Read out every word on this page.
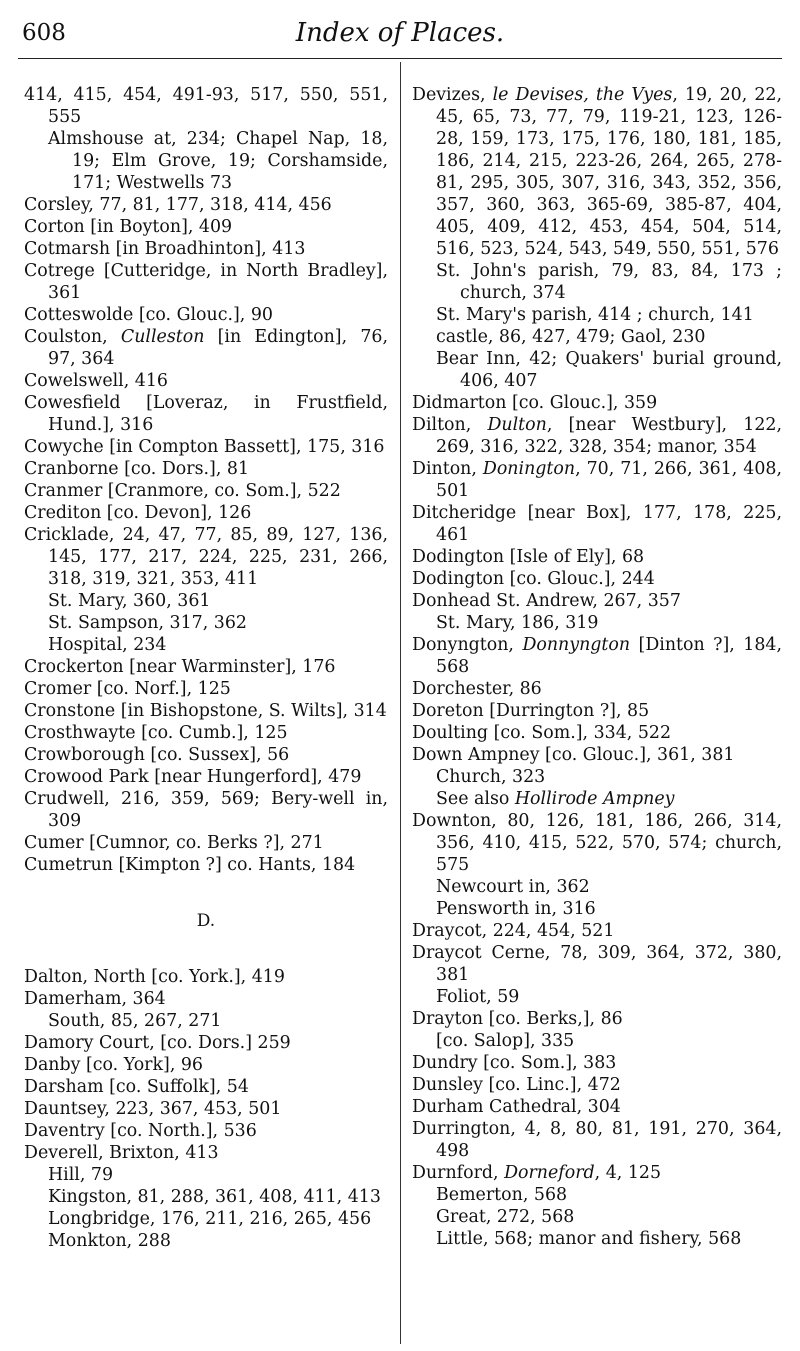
608	Index of Places.

414, 415, 454, 491-93, 517, 550, 551, 555

Almshouse at, 234; Chapel Nap, 18, 19; Elm Grove, 19; Corshamside, 171; Westwells 73

Corsley, 77, 81, 177, 318, 414, 456

Corton [in Boyton], 409

Cotmarsh [in Broadhinton], 413

Cotrege [Cutteridge, in North Bradley], 361

Cotteswolde [co. Glouc.], 90

Coulston, Culleston [in Edington], 76, 97, 364

Cowelswell, 416

Cowesfield [Loveraz, in Frustfield, Hund.], 316

Cowyche [in Compton Bassett], 175, 316

Cranborne [co. Dors.], 81

Cranmer [Cranmore, co. Som.], 522

Crediton [co. Devon], 126

Cricklade, 24, 47, 77, 85, 89, 127, 136, 145, 177, 217, 224, 225, 231, 266, 318, 319, 321, 353, 411

St. Mary, 360, 361

St. Sampson, 317, 362

Hospital, 234

Crockerton [near Warminster], 176

Cromer [co. Norf.], 125

Cronstone [in Bishopstone, S. Wilts], 314

Crosthwayte [co. Cumb.], 125

Crowborough [co. Sussex], 56

Crowood Park [near Hungerford], 479

Crudwell, 216, 359, 569; Bery-well in, 309

Cumer [Cumnor, co. Berks ?], 271

Cumetrun [Kimpton ?] co. Hants, 184

D.

Dalton, North [co. York.], 419

Damerham, 364

South, 85, 267, 271

Damory Court, [co. Dors.] 259

Danby [co. York], 96

Darsham [co. Suffolk], 54

Dauntsey, 223, 367, 453, 501

Daventry [co. North.], 536

Deverell, Brixton, 413

Hill, 79

Kingston, 81, 288, 361, 408, 411, 413

Longbridge, 176, 211, 216, 265, 456

Monkton, 288

Devizes, le Devises, the Vyes, 19, 20, 22, 45, 65, 73, 77, 79, 119-21, 123, 126-28, 159, 173, 175, 176, 180, 181, 185, 186, 214, 215, 223-26, 264, 265, 278-81, 295, 305, 307, 316, 343, 352, 356, 357, 360, 363, 365-69, 385-87, 404, 405, 409, 412, 453, 454, 504, 514, 516, 523, 524, 543, 549, 550, 551, 576

St. John's parish, 79, 83, 84, 173 ; church, 374

St. Mary's parish, 414 ; church, 141

castle, 86, 427, 479; Gaol, 230

Bear Inn, 42; Quakers' burial ground, 406, 407

Didmarton [co. Glouc.], 359

Dilton, Dulton, [near Westbury], 122, 269, 316, 322, 328, 354; manor, 354

Dinton, Donington, 70, 71, 266, 361, 408, 501

Ditcheridge [near Box], 177, 178, 225, 461

Dodington [Isle of Ely], 68

Dodington [co. Glouc.], 244

Donhead St. Andrew, 267, 357

St. Mary, 186, 319

Donyngton, Donnyngton [Dinton ?], 184, 568

Dorchester, 86

Doreton [Durrington ?], 85

Doulting [co. Som.], 334, 522

Down Ampney [co. Glouc.], 361, 381

Church, 323

See also Hollirode Ampney

Downton, 80, 126, 181, 186, 266, 314, 356, 410, 415, 522, 570, 574; church, 575

Newcourt in, 362

Pensworth in, 316

Draycot, 224, 454, 521

Draycot Cerne, 78, 309, 364, 372, 380, 381

Foliot, 59

Drayton [co. Berks,], 86

[co. Salop], 335

Dundry [co. Som.], 383

Dunsley [co. Linc.], 472

Durham Cathedral, 304

Durrington, 4, 8, 80, 81, 191, 270, 364, 498

Durnford, Dorneford, 4, 125

Bemerton, 568

Great, 272, 568

Little, 568; manor and fishery, 568
